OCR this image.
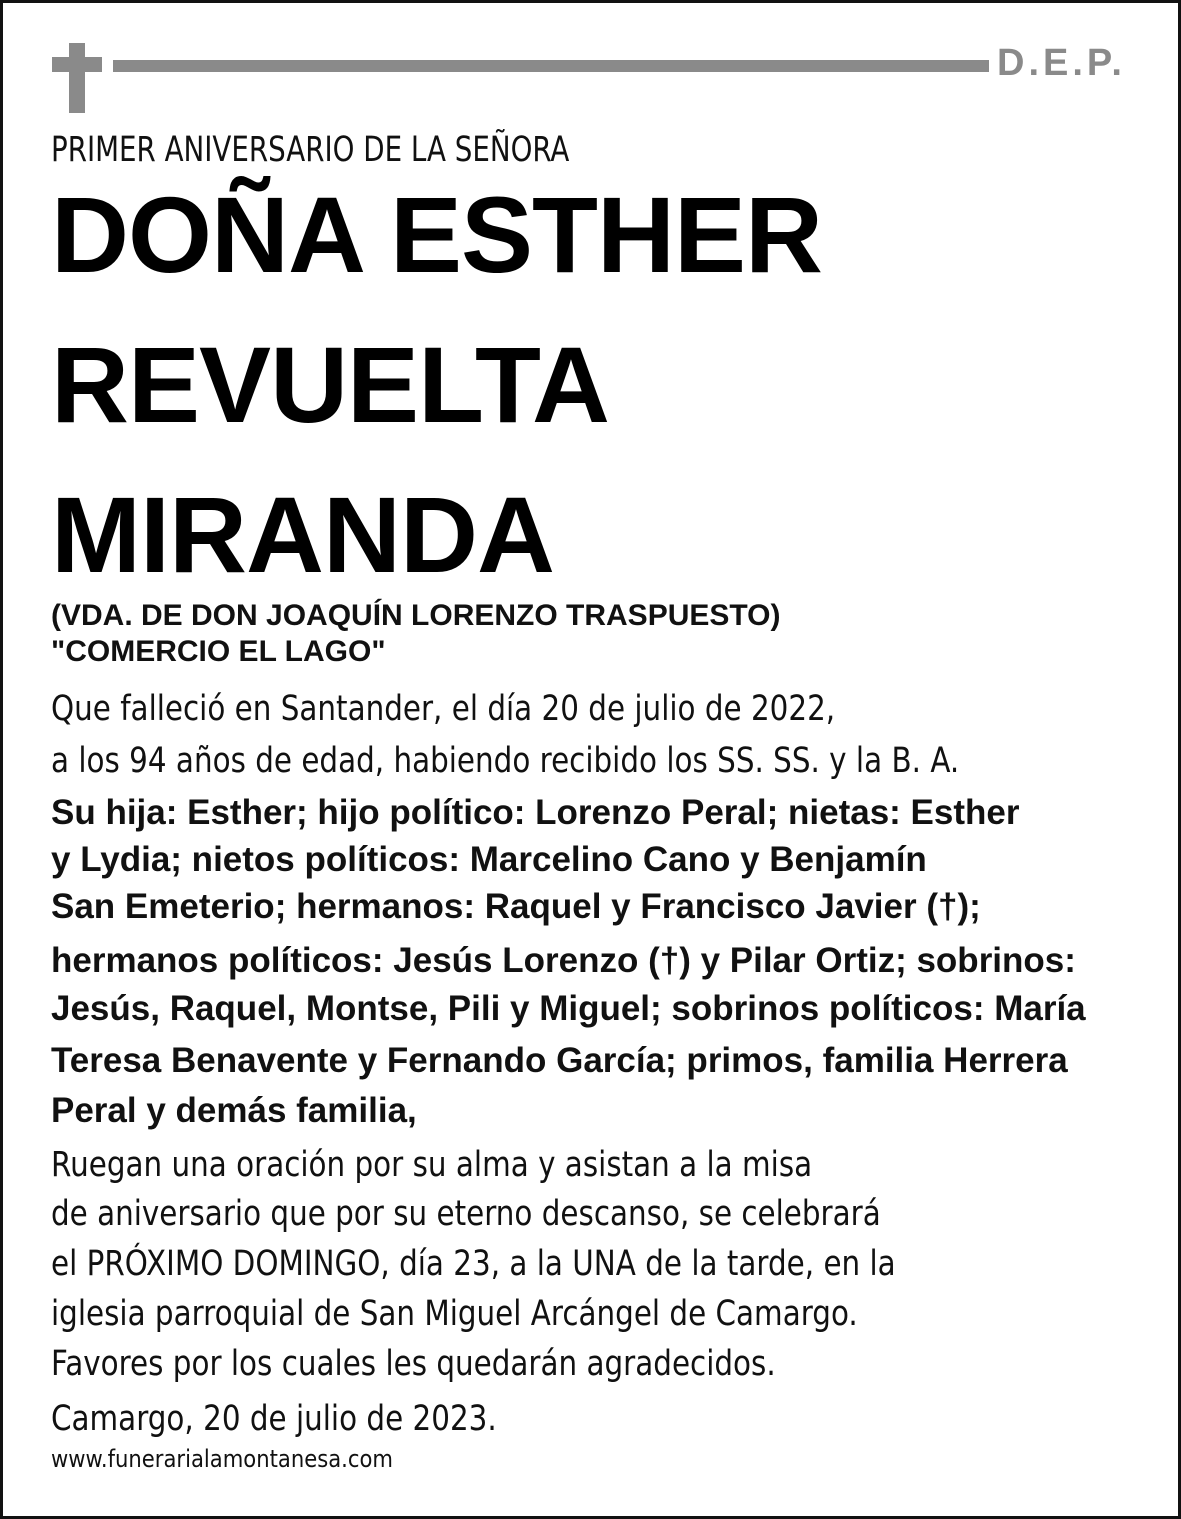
D.E.P.
PRIMER ANIVERSARIO DE LA SEÑORA
DOÑA ESTHER
REVUELTA
MIRANDA
(VDA. DE DON JOAQUÍN LORENZO TRASPUESTO)
"COMERCIO EL LAGO"
Que falleció en Santander, el día 20 de julio de 2022,
a los 94 años de edad, habiendo recibido los SS. SS. y la B. A.
Su hija: Esther; hijo político: Lorenzo Peral; nietas: Esther
y Lydia; nietos políticos: Marcelino Cano y Benjamín
San Emeterio; hermanos: Raquel y Francisco Javier (†);
hermanos políticos: Jesús Lorenzo (†) y Pilar Ortiz; sobrinos:
Jesús, Raquel, Montse, Pili y Miguel; sobrinos políticos: María
Teresa Benavente y Fernando García; primos, familia Herrera
Peral y demás familia,
Ruegan una oración por su alma y asistan a la misa
de aniversario que por su eterno descanso, se celebrará
el PRÓXIMO DOMINGO, día 23, a la UNA de la tarde, en la
iglesia parroquial de San Miguel Arcángel de Camargo.
Favores por los cuales les quedarán agradecidos.
Camargo, 20 de julio de 2023.
www.funerarialamontanesa.com
